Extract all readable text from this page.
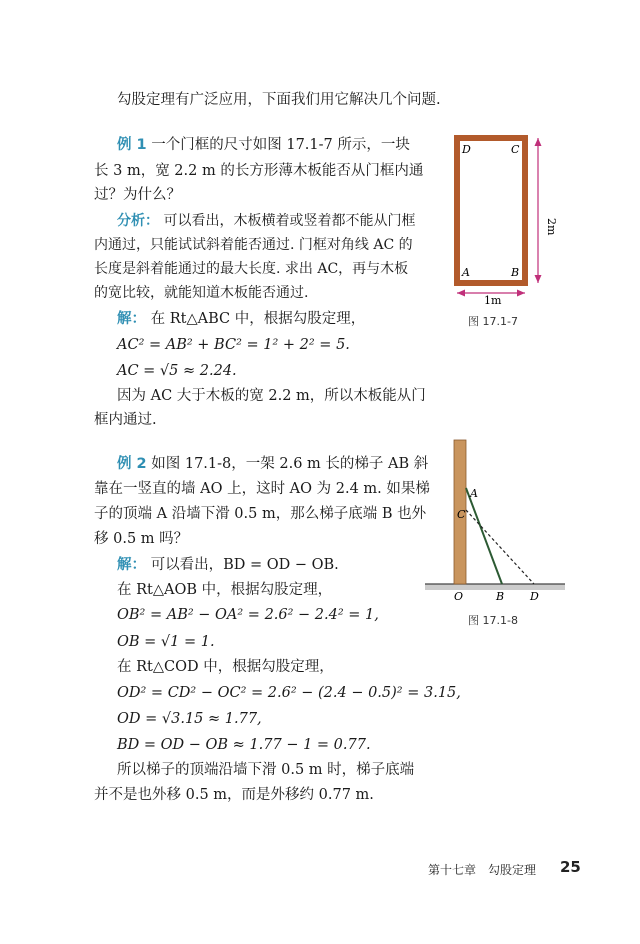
勾股定理有广泛应用，下面我们用它解决几个问题.
例 1 一个门框的尺寸如图 17.1-7 所示，一块
长 3 m，宽 2.2 m 的长方形薄木板能否从门框内通
过？为什么？
分析： 可以看出，木板横着或竖着都不能从门框
内通过，只能试试斜着能否通过. 门框对角线 AC 的
长度是斜着能通过的最大长度. 求出 AC，再与木板
的宽比较，就能知道木板能否通过.
解： 在 Rt△ABC 中，根据勾股定理，
AC² = AB² + BC² = 1² + 2² = 5.
AC = √5 ≈ 2.24.
因为 AC 大于木板的宽 2.2 m，所以木板能从门
框内通过.
D	C
A	B
2m
1m
图 17.1-7
例 2 如图 17.1-8，一架 2.6 m 长的梯子 AB 斜
靠在一竖直的墙 AO 上，这时 AO 为 2.4 m. 如果梯
子的顶端 A 沿墙下滑 0.5 m，那么梯子底端 B 也外
移 0.5 m 吗？
解： 可以看出，BD = OD − OB.
在 Rt△AOB 中，根据勾股定理，
OB² = AB² − OA² = 2.6² − 2.4² = 1,
OB = √1 = 1.
在 Rt△COD 中，根据勾股定理，
OD² = CD² − OC² = 2.6² − (2.4 − 0.5)² = 3.15,
OD = √3.15 ≈ 1.77,
BD = OD − OB ≈ 1.77 − 1 = 0.77.
所以梯子的顶端沿墙下滑 0.5 m 时，梯子底端
并不是也外移 0.5 m，而是外移约 0.77 m.
A
C
O	B D
图 17.1-8
第十七章　勾股定理 25
